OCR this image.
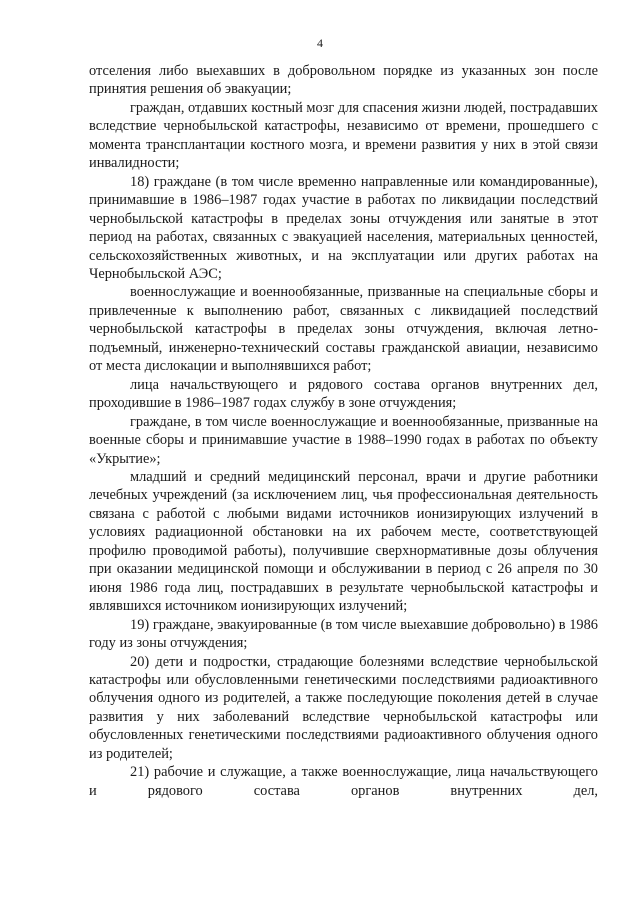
4

отселения либо выехавших в добровольном порядке из указанных зон после принятия решения об эвакуации;

граждан, отдавших костный мозг для спасения жизни людей, пострадавших вследствие чернобыльской катастрофы, независимо от времени, прошедшего с момента трансплантации костного мозга, и времени развития у них в этой связи инвалидности;

18) граждане (в том числе временно направленные или командированные), принимавшие в 1986–1987 годах участие в работах по ликвидации последствий чернобыльской катастрофы в пределах зоны отчуждения или занятые в этот период на работах, связанных с эвакуацией населения, материальных ценностей, сельскохозяйственных животных, и на эксплуатации или других работах на Чернобыльской АЭС;

военнослужащие и военнообязанные, призванные на специальные сборы и привлеченные к выполнению работ, связанных с ликвидацией последствий чернобыльской катастрофы в пределах зоны отчуждения, включая летно-подъемный, инженерно-технический составы гражданской авиации, независимо от места дислокации и выполнявшихся работ;

лица начальствующего и рядового состава органов внутренних дел, проходившие в 1986–1987 годах службу в зоне отчуждения;

граждане, в том числе военнослужащие и военнообязанные, призванные на военные сборы и принимавшие участие в 1988–1990 годах в работах по объекту «Укрытие»;

младший и средний медицинский персонал, врачи и другие работники лечебных учреждений (за исключением лиц, чья профессиональная деятельность связана с работой с любыми видами источников ионизирующих излучений в условиях радиационной обстановки на их рабочем месте, соответствующей профилю проводимой работы), получившие сверхнормативные дозы облучения при оказании медицинской помощи и обслуживании в период с 26 апреля по 30 июня 1986 года лиц, пострадавших в результате чернобыльской катастрофы и являвшихся источником ионизирующих излучений;

19) граждане, эвакуированные (в том числе выехавшие добровольно) в 1986 году из зоны отчуждения;

20) дети и подростки, страдающие болезнями вследствие чернобыльской катастрофы или обусловленными генетическими последствиями радиоактивного облучения одного из родителей, а также последующие поколения детей в случае развития у них заболеваний вследствие чернобыльской катастрофы или обусловленных генетическими последствиями радиоактивного облучения одного из родителей;

21) рабочие и служащие, а также военнослужащие, лица начальствующего и рядового состава органов внутренних дел,
